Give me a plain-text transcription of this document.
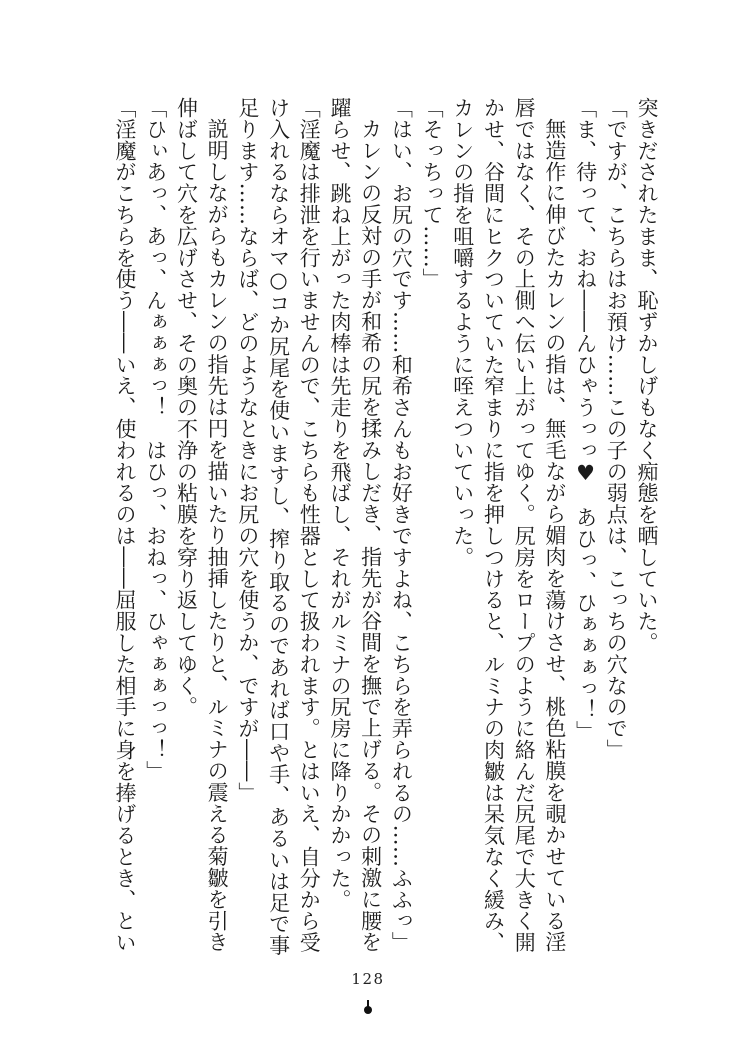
突きだされたまま、恥ずかしげもなく痴態を晒していた。
「ですが、こちらはお預け……この子の弱点は、こっちの穴なので」
「ま、待って、おね――んひゃうっっ♥　あひっ、ひぁぁぁっ！」
無造作に伸びたカレンの指は、無毛ながら媚肉を蕩けさせ、桃色粘膜を覗かせている淫
唇ではなく、その上側へ伝い上がってゆく。尻房をロープのように絡んだ尻尾で大きく開
かせ、谷間にヒクついていた窄まりに指を押しつけると、ルミナの肉皺は呆気なく緩み、
カレンの指を咀嚼するように咥えついていった。
「そっちって……」
「はい、お尻の穴です……和希さんもお好きですよね、こちらを弄られるの……ふふっ」
カレンの反対の手が和希の尻を揉みしだき、指先が谷間を撫で上げる。その刺激に腰を
躍らせ、跳ね上がった肉棒は先走りを飛ばし、それがルミナの尻房に降りかかった。
「淫魔は排泄を行いませんので、こちらも性器として扱われます。とはいえ、自分から受
け入れるならオマ○コか尻尾を使いますし、搾り取るのであれば口や手、あるいは足で事
足ります……ならば、どのようなときにお尻の穴を使うか、ですが――」
説明しながらもカレンの指先は円を描いたり抽挿したりと、ルミナの震える菊皺を引き
伸ばして穴を広げさせ、その奥の不浄の粘膜を穿り返してゆく。
「ひぃあっ、あっ、んぁぁぁっ！　はひっ、おねっ、ひゃぁぁっっ！」
「淫魔がこちらを使う――いえ、使われるのは――屈服した相手に身を捧げるとき、とい
128
